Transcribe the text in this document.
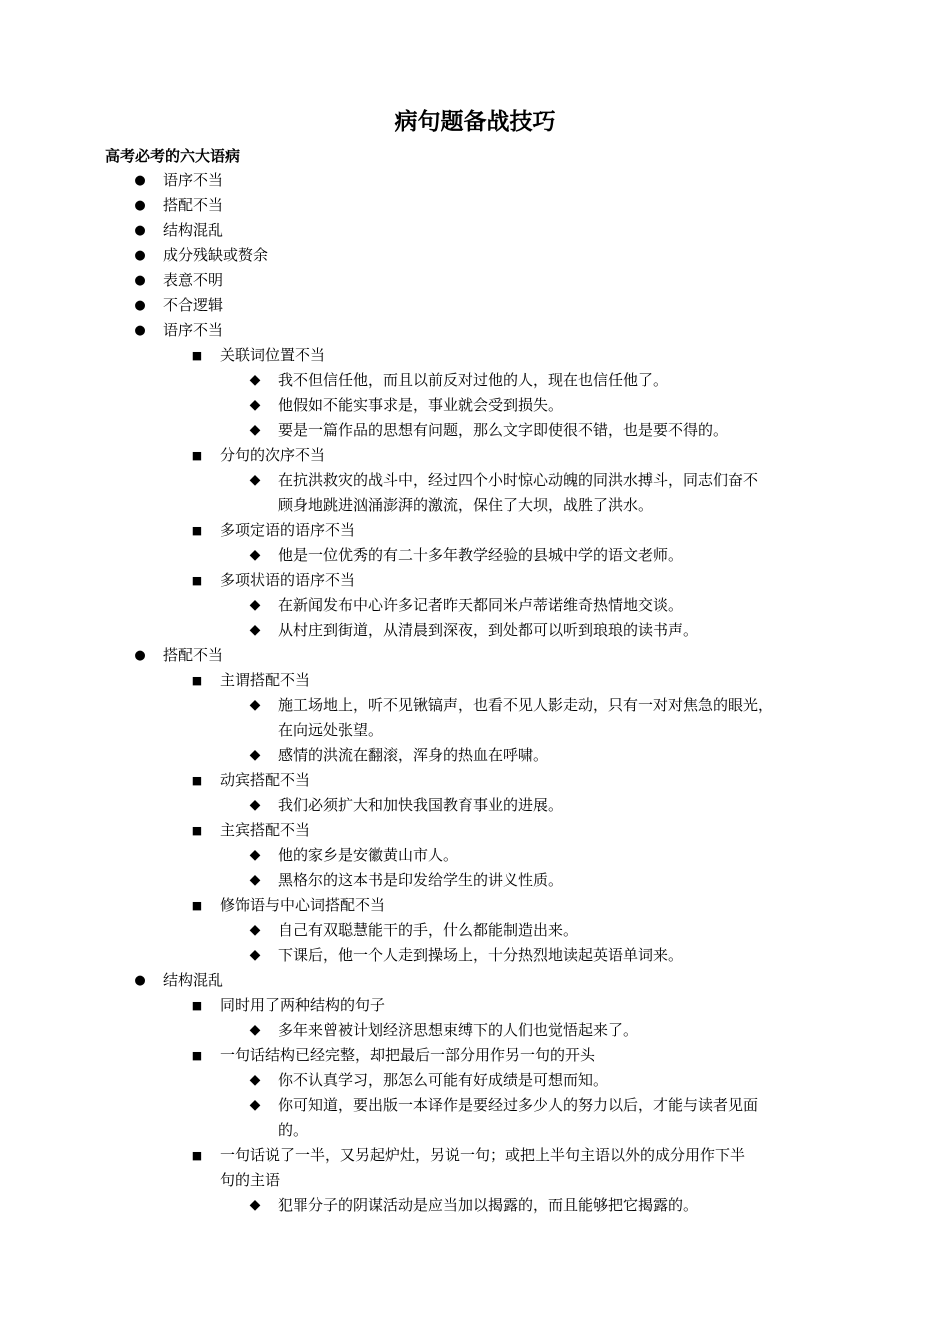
病句题备战技巧
高考必考的六大语病
● 语序不当
● 搭配不当
● 结构混乱
● 成分残缺或赘余
● 表意不明
● 不合逻辑
● 语序不当
■ 关联词位置不当
◆ 我不但信任他，而且以前反对过他的人，现在也信任他了。
◆ 他假如不能实事求是，事业就会受到损失。
◆ 要是一篇作品的思想有问题，那么文字即使很不错，也是要不得的。
■ 分句的次序不当
◆ 在抗洪救灾的战斗中，经过四个小时惊心动魄的同洪水搏斗，同志们奋不
顾身地跳进汹涌澎湃的激流，保住了大坝，战胜了洪水。
■ 多项定语的语序不当
◆ 他是一位优秀的有二十多年教学经验的县城中学的语文老师。
■ 多项状语的语序不当
◆ 在新闻发布中心许多记者昨天都同米卢蒂诺维奇热情地交谈。
◆ 从村庄到街道，从清晨到深夜，到处都可以听到琅琅的读书声。
● 搭配不当
■ 主谓搭配不当
◆ 施工场地上，听不见锹镐声，也看不见人影走动，只有一对对焦急的眼光，
在向远处张望。
◆ 感情的洪流在翻滚，浑身的热血在呼啸。
■ 动宾搭配不当
◆ 我们必须扩大和加快我国教育事业的进展。
■ 主宾搭配不当
◆ 他的家乡是安徽黄山市人。
◆ 黑格尔的这本书是印发给学生的讲义性质。
■ 修饰语与中心词搭配不当
◆ 自己有双聪慧能干的手，什么都能制造出来。
◆ 下课后，他一个人走到操场上，十分热烈地读起英语单词来。
● 结构混乱
■ 同时用了两种结构的句子
◆ 多年来曾被计划经济思想束缚下的人们也觉悟起来了。
■ 一句话结构已经完整，却把最后一部分用作另一句的开头
◆ 你不认真学习，那怎么可能有好成绩是可想而知。
◆ 你可知道，要出版一本译作是要经过多少人的努力以后，才能与读者见面
的。
■ 一句话说了一半，又另起炉灶，另说一句；或把上半句主语以外的成分用作下半
句的主语
◆ 犯罪分子的阴谋活动是应当加以揭露的，而且能够把它揭露的。
